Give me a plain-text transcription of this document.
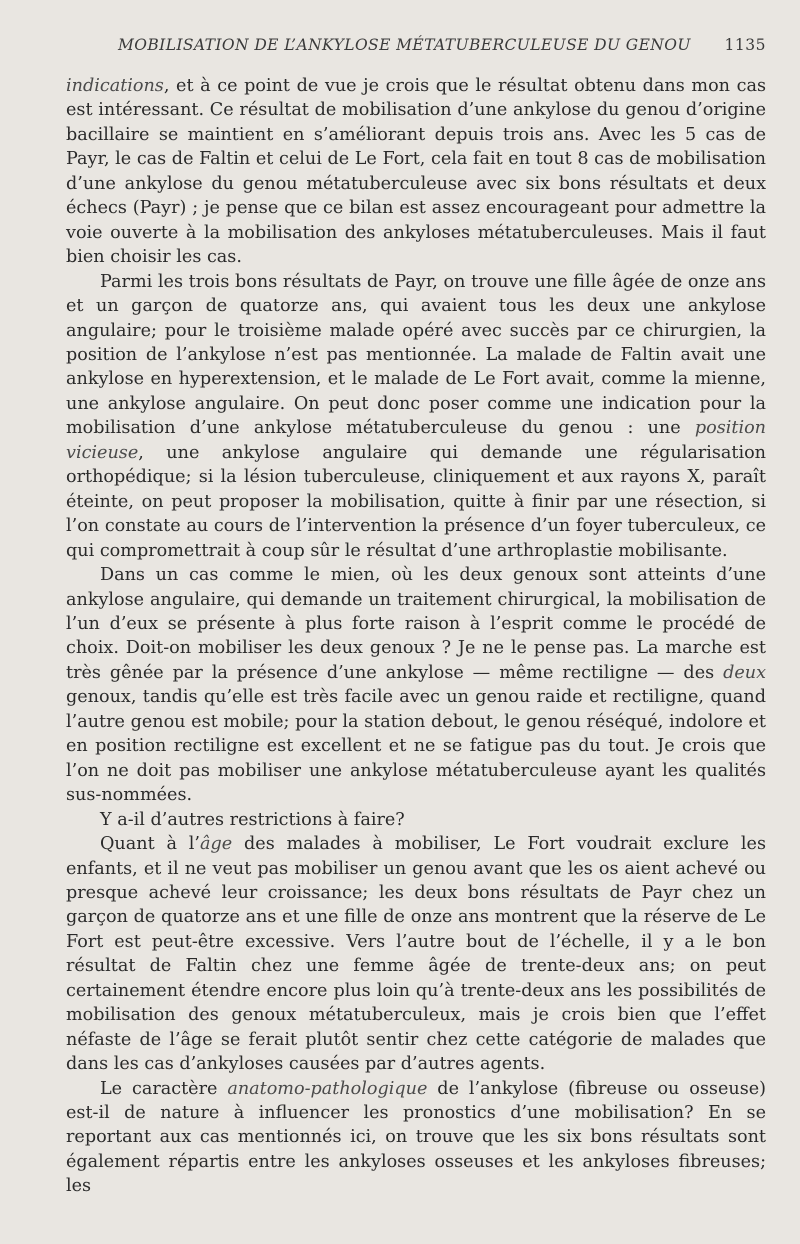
MOBILISATION DE L’ANKYLOSE MÉTATUBERCULEUSE DU GENOU 1135

indications, et à ce point de vue je crois que le résultat obtenu dans mon cas est intéressant. Ce résultat de mobilisation d’une ankylose du genou d’origine bacillaire se maintient en s’améliorant depuis trois ans. Avec les 5 cas de Payr, le cas de Faltin et celui de Le Fort, cela fait en tout 8 cas de mobilisation d’une ankylose du genou métatuberculeuse avec six bons résultats et deux échecs (Payr) ; je pense que ce bilan est assez encourageant pour admettre la voie ouverte à la mobilisation des ankyloses métatuberculeuses. Mais il faut bien choisir les cas.

Parmi les trois bons résultats de Payr, on trouve une fille âgée de onze ans et un garçon de quatorze ans, qui avaient tous les deux une ankylose angulaire; pour le troisième malade opéré avec succès par ce chirurgien, la position de l’ankylose n’est pas mentionnée. La malade de Faltin avait une ankylose en hyperextension, et le malade de Le Fort avait, comme la mienne, une ankylose angulaire. On peut donc poser comme une indication pour la mobilisation d’une ankylose métatuberculeuse du genou : une position vicieuse, une ankylose angulaire qui demande une régularisation orthopédique; si la lésion tuberculeuse, cliniquement et aux rayons X, paraît éteinte, on peut proposer la mobilisation, quitte à finir par une résection, si l’on constate au cours de l’intervention la présence d’un foyer tuberculeux, ce qui compromettrait à coup sûr le résultat d’une arthroplastie mobilisante.

Dans un cas comme le mien, où les deux genoux sont atteints d’une ankylose angulaire, qui demande un traitement chirurgical, la mobilisation de l’un d’eux se présente à plus forte raison à l’esprit comme le procédé de choix. Doit-on mobiliser les deux genoux ? Je ne le pense pas. La marche est très gênée par la présence d’une ankylose — même rectiligne — des deux genoux, tandis qu’elle est très facile avec un genou raide et rectiligne, quand l’autre genou est mobile; pour la station debout, le genou réséqué, indolore et en position rectiligne est excellent et ne se fatigue pas du tout. Je crois que l’on ne doit pas mobiliser une ankylose métatuberculeuse ayant les qualités sus-nommées.

Y a-il d’autres restrictions à faire?

Quant à l’âge des malades à mobiliser, Le Fort voudrait exclure les enfants, et il ne veut pas mobiliser un genou avant que les os aient achevé ou presque achevé leur croissance; les deux bons résultats de Payr chez un garçon de quatorze ans et une fille de onze ans montrent que la réserve de Le Fort est peut-être excessive. Vers l’autre bout de l’échelle, il y a le bon résultat de Faltin chez une femme âgée de trente-deux ans; on peut certainement étendre encore plus loin qu’à trente-deux ans les possibilités de mobilisation des genoux métatuberculeux, mais je crois bien que l’effet néfaste de l’âge se ferait plutôt sentir chez cette catégorie de malades que dans les cas d’ankyloses causées par d’autres agents.

Le caractère anatomo-pathologique de l’ankylose (fibreuse ou osseuse) est-il de nature à influencer les pronostics d’une mobilisation? En se reportant aux cas mentionnés ici, on trouve que les six bons résultats sont également répartis entre les ankyloses osseuses et les ankyloses fibreuses; les
